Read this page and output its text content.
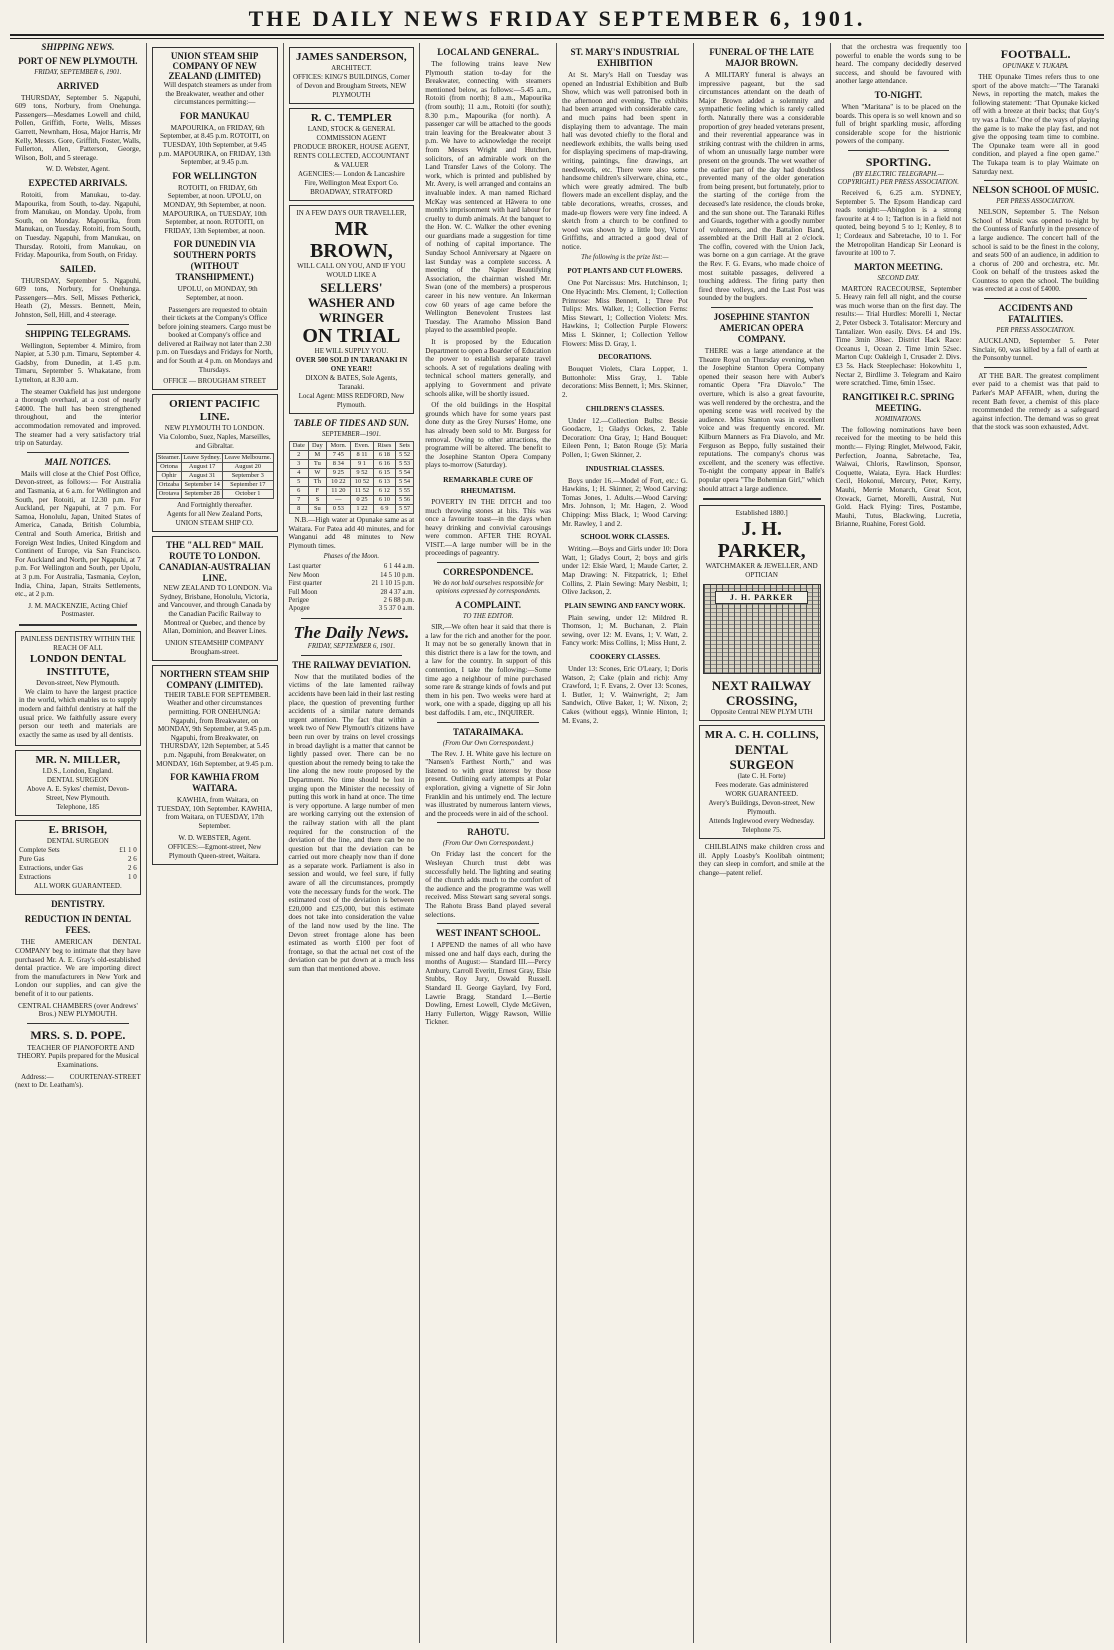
THE DAILY NEWS FRIDAY SEPTEMBER 6, 1901.
SHIPPING NEWS.
PORT OF NEW PLYMOUTH.
FRIDAY, SEPTEMBER 6, 1901.
ARRIVED

THURSDAY, September 5. Ngapuhi, 609 tons, Norbury, from Onehunga. Passengers—Mesdames Lowell and child, Pollen, Griffith, Forte, Wells, Misses Garrett, Newnham, Hosa, Major Harris, Mr Kelly, Messrs. Gore, Griffith, Foster, Walls, Fullerton, Allen, Patterson, George, Wilson, Bolt, and 5 steerage.

W. D. Webster, Agent.
EXPECTED ARRIVALS.

Rotoiti, from Manukau, to-day. Mapourika, from South, to-day. Ngapuhi, from Manukau, on Monday. Upolu, from South, on Monday. Mapourika, from Manukau, on Tuesday. Rotoiti, from South, on Tuesday. Ngapuhi, from Manukau, on Thursday. Rotoiti, from Manukau, on Friday. Mapourika, from South, on Friday.

SAILED.

THURSDAY, September 5. Ngapuhi, 609 tons, Norbury, for Onehunga. Passengers—Mrs. Sell, Misses Petherick, Heath (2), Messrs. Bennett, Mein, Johnston, Sell, Hill, and 4 steerage.

SHIPPING TELEGRAMS.

Wellington, September 4. Mimiro, from Napier, at 5.30 p.m. Timaru, September 4. Gadsby, from Dunedin, at 1.45 p.m. Timaru, September 5. Whakatane, from Lyttelton, at 8.30 a.m.

The steamer Oakfield has just undergone a thorough overhaul, at a cost of nearly £4000. The hull has been strengthened throughout, and the interior accommodation removated and improved. The steamer had a very satisfactory trial trip on Saturday.

MAIL NOTICES.

Mails will close at the Chief Post Office, Devon-street, as follows:— For Australia and Tasmania, at 6 a.m. for Wellington and South, per Rotoiti, at 12.30 p.m. For Auckland, per Ngapuhi, at 7 p.m. For Samoa, Honolulu, Japan, United States of America, Canada, British Columbia, Central and South America, British and Foreign West Indies, United Kingdom and Continent of Europe, via San Francisco. For Auckland and North, per Ngapuhi, at 7 p.m. For Wellington and South, per Upolu, at 3 p.m. For Australia, Tasmania, Ceylon, India, China, Japan, Straits Settlements, etc., at 2 p.m.

J. M. MACKENZIE, Acting Chief Postmaster.
PAINLESS DENTISTRY WITHIN THE REACH OF ALL
LONDON DENTAL INSTITUTE,
Devon-street, New Plymouth.

We claim to have the largest practice in the world, which enables us to supply modern and faithful dentistry at half the usual price. We faithfully assure every person our teeth and materials are exactly the same as used by all dentists.

MR. N. MILLER,
I.D.S., London, England.
DENTAL SURGEON
Above A. E. Sykes' chemist, Devon-Street, New Plymouth.
Telephone, 185
E. BRISOH,
DENTAL SURGEON
Complete Sets	£1 1 0
Pure Gas	2 6
Extractions, under Gas	2 6
Extractions	1 0
ALL WORK GUARANTEED.
DENTISTRY.
REDUCTION IN DENTAL FEES.

THE AMERICAN DENTAL COMPANY beg to intimate that they have purchased Mr. A. E. Gray's old-established dental practice. We are importing direct from the manufacturers in New York and London our supplies, and can give the benefit of it to our patients.

CENTRAL CHAMBERS (over Andrews' Bros.) NEW PLYMOUTH.
MRS. S. D. POPE.

TEACHER OF PIANOFORTE AND THEORY. Pupils prepared for the Musical Examinations.

Address:— COURTENAY-STREET (next to Dr. Leatham's).

UNION STEAM SHIP COMPANY OF NEW ZEALAND (LIMITED)

Will despatch steamers as under from the Breakwater, weather and other circumstances permitting:—

FOR MANUKAU

MAPOURIKA, on FRIDAY, 6th September, at 8.45 p.m. ROTOITI, on TUESDAY, 10th September, at 9.45 p.m. MAPOURIKA, on FRIDAY, 13th September, at 9.45 p.m.

FOR WELLINGTON

ROTOITI, on FRIDAY, 6th September, at noon. UPOLU, on MONDAY, 9th September, at noon. MAPOURIKA, on TUESDAY, 10th September, at noon. ROTOITI, on FRIDAY, 13th September, at noon.

FOR DUNEDIN VIA SOUTHERN PORTS (WITHOUT TRANSHIPMENT.)

UPOLU, on MONDAY, 9th September, at noon.

Passengers are requested to obtain their tickets at the Company's Office before joining steamers. Cargo must be booked at Company's office and delivered at Railway not later than 2.30 p.m. on Tuesdays and Fridays for North, and for South at 4 p.m. on Mondays and Thursdays.

OFFICE — BROUGHAM STREET
ORIENT PACIFIC LINE.
NEW PLYMOUTH TO LONDON.
Via Colombo, Suez, Naples, Marseilles, and Gibraltar.
Steamer.	Leave Sydney.	Leave Melbourne.
Ortona	August 17	August 20
Ophir	August 31	September 3
Orizaba	September 14	September 17
Orotava	September 28	October 1
And Fortnightly thereafter.
Agents for all New Zealand Ports, UNION STEAM SHIP CO.
THE "ALL RED" MAIL ROUTE TO LONDON.
CANADIAN-AUSTRALIAN LINE.

NEW ZEALAND TO LONDON. Via Sydney, Brisbane, Honolulu, Victoria, and Vancouver, and through Canada by the Canadian Pacific Railway to Montreal or Quebec, and thence by Allan, Dominion, and Beaver Lines.

UNION STEAMSHIP COMPANY
Brougham-street.
NORTHERN STEAM SHIP COMPANY (LIMITED).

THEIR TABLE FOR SEPTEMBER. Weather and other circumstances permitting. FOR ONEHUNGA: Ngapuhi, from Breakwater, on MONDAY, 9th September, at 9.45 p.m. Ngapuhi, from Breakwater, on THURSDAY, 12th September, at 5.45 p.m. Ngapuhi, from Breakwater, on MONDAY, 16th September, at 9.45 p.m.

FOR KAWHIA FROM WAITARA.

KAWHIA, from Waitara, on TUESDAY, 10th September. KAWHIA, from Waitara, on TUESDAY, 17th September.

W. D. WEBSTER, Agent.
OFFICES:—Egmont-street, New Plymouth Queen-street, Waitara.
JAMES SANDERSON,
ARCHITECT.
OFFICES: KING'S BUILDINGS, Corner of Devon and Brougham Streets, NEW PLYMOUTH
R. C. TEMPLER
LAND, STOCK & GENERAL COMMISSION AGENT
PRODUCE BROKER, HOUSE AGENT, RENTS COLLECTED, ACCOUNTANT & VALUER
AGENCIES:— London & Lancashire Fire, Wellington Meat Export Co.
BROADWAY, STRATFORD
IN A FEW DAYS OUR TRAVELLER,
MR BROWN,
WILL CALL ON YOU, AND IF YOU WOULD LIKE A
SELLERS' WASHER AND WRINGER
ON TRIAL
HE WILL SUPPLY YOU.
OVER 500 SOLD IN TARANAKI IN ONE YEAR!!
DIXON & BATES, Sole Agents, Taranaki.
Local Agent: MISS REDFORD, New Plymouth.
TABLE OF TIDES AND SUN.
SEPTEMBER—1901.
Date	Day	Morn.	Even.	Rises	Sets
2	M	7 45	8 11	6 18	5 52
3	Tu	8 34	9 1	6 16	5 53
4	W	9 25	9 52	6 15	5 54
5	Th	10 22	10 52	6 13	5 54
6	F	11 20	11 52	6 12	5 55
7	S	—	0 25	6 10	5 56
8	Su	0 53	1 22	6 9	5 57

N.B.—High water at Opunake same as at Waitara. For Patea add 40 minutes, and for Wanganui add 48 minutes to New Plymouth times.

Phases of the Moon.
Last quarter	6 1 44 a.m.
New Moon	14 5 10 p.m.
First quarter	21 1 10 15 p.m.
Full Moon	28 4 37 a.m.
Perigee	2 6 88 p.m.
Apogee	3 5 37 0 a.m.
The Daily News.
FRIDAY, SEPTEMBER 6, 1901.
THE RAILWAY DEVIATION.

Now that the mutilated bodies of the victims of the late lamented railway accidents have been laid in their last resting place, the question of preventing further accidents of a similar nature demands urgent attention. The fact that within a week two of New Plymouth's citizens have been run over by trains on level crossings in broad daylight is a matter that cannot be lightly passed over. There can be no question about the remedy being to take the line along the new route proposed by the Department. No time should be lost in urging upon the Minister the necessity of putting this work in hand at once. The time is very opportune. A large number of men are working carrying out the extension of the railway station with all the plant required for the construction of the deviation of the line, and there can be no question but that the deviation can be carried out more cheaply now than if done as a separate work. Parliament is also in session and would, we feel sure, if fully aware of all the circumstances, promptly vote the necessary funds for the work. The estimated cost of the deviation is between £20,000 and £25,000, but this estimate does not take into consideration the value of the land now used by the line. The Devon street frontage alone has been estimated as worth £100 per foot of frontage, so that the actual net cost of the deviation can be put down at a much less sum than that mentioned above.

LOCAL AND GENERAL.

The following trains leave New Plymouth station to-day for the Breakwater, connecting with steamers mentioned below, as follows:—5.45 a.m., Rotoiti (from north); 8 a.m., Mapourika (from south); 11 a.m., Rotoiti (for south); 8.30 p.m., Mapourika (for north). A passenger car will be attached to the goods train leaving for the Breakwater about 3 p.m. We have to acknowledge the receipt from Messrs Wright and Hutchen, solicitors, of an admirable work on the Land Transfer Laws of the Colony. The work, which is printed and published by Mr. Avery, is well arranged and contains an invaluable index. A man named Richard McKay was sentenced at Hāwera to one month's imprisonment with hard labour for cruelty to dumb animals. At the banquet to the Hon. W. C. Walker the other evening our guardians made a suggestion for time of nothing of capital importance. The Sunday School Anniversary at Ngaere on last Sunday was a complete success. A meeting of the Napier Beautifying Association, the chairman wished Mr. Swan (one of the members) a prosperous career in his new venture. An Inkerman cow 60 years of age came before the Wellington Benevolent Trustees last Tuesday. The Aramoho Mission Band played to the assembled people.

It is proposed by the Education Department to open a Boarder of Education the power to establish separate travel schools. A set of regulations dealing with technical school matters generally, and applying to Government and private schools alike, will be shortly issued.

Of the old buildings in the Hospital grounds which have for some years past done duty as the Grey Nurses' Home, one has already been sold to Mr. Burgess for removal. Owing to other attractions, the programme will be altered. The benefit to the Josephine Stanton Opera Company plays to-morrow (Saturday).

REMARKABLE CURE OF RHEUMATISM.

POVERTY IN THE DITCH and too much throwing stones at hits. This was once a favourite toast—in the days when heavy drinking and convivial carousings were common. AFTER THE ROYAL VISIT.—A large number will be in the proceedings of pageantry.

CORRESPONDENCE.
We do not hold ourselves responsible for opinions expressed by correspondents.
A COMPLAINT.
TO THE EDITOR.

SIR,—We often hear it said that there is a law for the rich and another for the poor. It may not be so generally known that in this district there is a law for the town, and a law for the country. In support of this contention, I take the following:—Some time ago a neighbour of mine purchased some rare & strange kinds of fowls and put them in his pen. Two weeks were hard at work, one with a spade, digging up all his best daffodils. I am, etc., INQUIRER.

TATARAIMAKA.
(From Our Own Correspondent.)

The Rev. J. H. White gave his lecture on "Nansen's Farthest North," and was listened to with great interest by those present. Outlining early attempts at Polar exploration, giving a vignette of Sir John Franklin and his untimely end. The lecture was illustrated by numerous lantern views, and the proceeds were in aid of the school.

RAHOTU.
(From Our Own Correspondent.)

On Friday last the concert for the Wesleyan Church trust debt was successfully held. The lighting and seating of the church adds much to the comfort of the audience and the programme was well received. Miss Stewart sang several songs. The Rahotu Brass Band played several selections.

WEST INFANT SCHOOL.

I APPEND the names of all who have missed one and half days each, during the months of August:— Standard III.—Percy Ambury, Carroll Everitt, Ernest Gray, Elsie Stubbs, Roy Jury, Oswald Russell. Standard II. George Gaylard, Ivy Ford, Lawrie Bragg. Standard I.—Bertie Dowling, Ernest Lowell, Clyde McGiven, Harry Fullerton, Wiggy Rawson, Willie Tickner.

ST. MARY'S INDUSTRIAL EXHIBITION

At St. Mary's Hall on Tuesday was opened an Industrial Exhibition and Bulb Show, which was well patronised both in the afternoon and evening. The exhibits had been arranged with considerable care, and much pains had been spent in displaying them to advantage. The main hall was devoted chiefly to the floral and needlework exhibits, the walls being used for displaying specimens of map-drawing, writing, paintings, fine drawings, art needlework, etc. There were also some handsome children's silverware, china, etc., which were greatly admired. The bulb flowers made an excellent display, and the table decorations, wreaths, crosses, and made-up flowers were very fine indeed. A sketch from a church to be confined to wood was shown by a little boy, Victor Griffiths, and attracted a good deal of notice.

The following is the prize list:—
POT PLANTS AND CUT FLOWERS.

One Pot Narcissus: Mrs. Hutchinson, 1; One Hyacinth: Mrs. Clement, 1; Collection Primrose: Miss Bennett, 1; Three Pot Tulips: Mrs. Walker, 1; Collection Ferns: Miss Stewart, 1; Collection Violets: Mrs. Hawkins, 1; Collection Purple Flowers: Miss I. Skinner, 1; Collection Yellow Flowers: Miss D. Gray, 1.

DECORATIONS.

Bouquet Violets, Clara Lopper, 1. Buttonhole: Miss Gray, 1. Table decorations: Miss Bennett, 1; Mrs. Skinner, 2.

CHILDREN'S CLASSES.

Under 12.—Collection Bulbs: Bessie Goodacre, 1; Gladys Ockes, 2. Table Decoration: Ona Gray, 1; Hand Bouquet: Eileen Penn, 1; Baton Rouge (5): Maria Pollen, 1; Gwen Skinner, 2.

INDUSTRIAL CLASSES.

Boys under 16.—Model of Fort, etc.: G. Hawkins, 1; H. Skinner, 2; Wood Carving: Tomas Jones, 1. Adults.—Wood Carving: Mrs. Johnson, 1; Mr. Hagen, 2. Wood Chipping: Miss Black, 1; Wood Carving: Mr. Rawley, 1 and 2.

SCHOOL WORK CLASSES.

Writing.—Boys and Girls under 10: Dora Watt, 1; Gladys Court, 2; boys and girls under 12: Elsie Ward, 1; Maude Carter, 2. Map Drawing: N. Fitzpatrick, 1; Ethel Collins, 2. Plain Sewing: Mary Nesbitt, 1; Olive Jackson, 2.

PLAIN SEWING AND FANCY WORK.

Plain sewing, under 12: Mildred R. Thomson, 1; M. Buchanan, 2. Plain sewing, over 12: M. Evans, 1; V. Watt, 2. Fancy work: Miss Collins, 1; Miss Hunt, 2.

COOKERY CLASSES.

Under 13: Scones, Eric O'Leary, 1; Doris Watson, 2; Cake (plain and rich): Amy Crawford, 1; F. Evans, 2. Over 13: Scones, I. Butler, 1; V. Wainwright, 2; Jam Sandwich, Olive Baker, 1; W. Nixon, 2; Cakes (without eggs), Winnie Hinton, 1; M. Evans, 2.

FUNERAL OF THE LATE MAJOR BROWN.

A MILITARY funeral is always an impressive pageant, but the sad circumstances attendant on the death of Major Brown added a solemnity and sympathetic feeling which is rarely called forth. Naturally there was a considerable proportion of grey headed veterans present, and their reverential appearance was in striking contrast with the children in arms, of whom an unusually large number were present on the grounds. The wet weather of the earlier part of the day had doubtless prevented many of the older generation from being present, but fortunately, prior to the starting of the cortège from the deceased's late residence, the clouds broke, and the sun shone out. The Taranaki Rifles and Guards, together with a goodly number of volunteers, and the Battalion Band, assembled at the Drill Hall at 2 o'clock. The coffin, covered with the Union Jack, was borne on a gun carriage. At the grave the Rev. F. G. Evans, who made choice of most suitable passages, delivered a touching address. The firing party then fired three volleys, and the Last Post was sounded by the buglers.

JOSEPHINE STANTON AMERICAN OPERA COMPANY.

THERE was a large attendance at the Theatre Royal on Thursday evening, when the Josephine Stanton Opera Company opened their season here with Auber's romantic Opera "Fra Diavolo." The overture, which is also a great favourite, was well rendered by the orchestra, and the opening scene was well received by the audience. Miss Stanton was in excellent voice and was frequently encored. Mr. Kilburn Manners as Fra Diavolo, and Mr. Ferguson as Beppo, fully sustained their reputations. The company's chorus was excellent, and the scenery was effective. To-night the company appear in Balfe's popular opera "The Bohemian Girl," which should attract a large audience.

Established 1880.]
J. H. PARKER,
WATCHMAKER & JEWELLER, AND OPTICIAN
J. H. PARKER
NEXT RAILWAY CROSSING,
Opposite Central NEW PLYM UTH
MR A. C. H. COLLINS,
DENTAL SURGEON
(late C. H. Forte)
Fees moderate. Gas administered
WORK GUARANTEED.
Avery's Buildings, Devon-street, New Plymouth.
Attends Inglewood every Wednesday. Telephone 75.

CHILBLAINS make children cross and ill. Apply Loasby's Koolibah ointment; they can sleep in comfort, and smile at the change—patent relief.

that the orchestra was frequently too powerful to enable the words sung to be heard. The company decidedly deserved success, and should be favoured with another large attendance.

TO-NIGHT.

When "Maritana" is to be placed on the boards. This opera is so well known and so full of bright sparkling music, affording considerable scope for the histrionic powers of the company.

SPORTING.
(BY ELECTRIC TELEGRAPH.—COPYRIGHT.) PER PRESS ASSOCIATION.

Received 6, 6.25 a.m. SYDNEY, September 5. The Epsom Handicap card reads tonight:—Abingdon is a strong favourite at 4 to 1; Tarlton is in a field not quoted, being beyond 5 to 1; Kenley, 8 to 1; Cordeaux and Sabretache, 10 to 1. For the Metropolitan Handicap Sir Leonard is favourite at 100 to 7.

MARTON MEETING.
SECOND DAY.

MARTON RACECOURSE, September 5. Heavy rain fell all night, and the course was much worse than on the first day. The results:— Trial Hurdles: Morelli 1, Nectar 2, Peter Osbeck 3. Totalisator: Mercury and Tantalizer. Won easily. Divs. £4 and 19s. Time 3min 30sec. District Hack Race: Oceanus 1, Ocean 2. Time 1min 52sec. Marton Cup: Oakleigh 1, Crusader 2. Divs. £3 5s. Hack Steeplechase: Hokowhitu 1, Nectar 2, Birdlime 3. Telegram and Kairo were scratched. Time, 6min 15sec.

RANGITIKEI R.C. SPRING MEETING.
NOMINATIONS.

The following nominations have been received for the meeting to be held this month:— Flying: Ringlet, Melwood, Fakir, Perfection, Joanna, Sabretache, Tea, Waiwai, Chloris, Rawlinson, Sponsor, Coquette, Waiata, Eyra. Hack Hurdles: Cecil, Hokonui, Mercury, Peter, Kerry, Mauhi, Merrie Monarch, Great Scot, Oxwack, Garnet, Morelli, Austral, Nut Gold. Hack Flying: Tires, Postambe, Mauhi, Tutus, Blackwing, Lucretia, Brianne, Ruahine, Forest Gold.

FOOTBALL.
OPUNAKE V. TUKAPA.

THE Opunake Times refers thus to one sport of the above match:—"The Taranaki News, in reporting the match, makes the following statement: ‘That Opunake kicked off with a breeze at their backs; that Guy's try was a fluke.’ One of the ways of playing the game is to make the play fast, and not give the opposing team time to combine. The Opunake team were all in good condition, and played a fine open game." The Tukapa team is to play Waimate on Saturday next.

NELSON SCHOOL OF MUSIC.
PER PRESS ASSOCIATION.

NELSON, September 5. The Nelson School of Music was opened to-night by the Countess of Ranfurly in the presence of a large audience. The concert hall of the school is said to be the finest in the colony, and seats 500 of an audience, in addition to a chorus of 200 and orchestra, etc. Mr. Cook on behalf of the trustees asked the Countess to open the school. The building was erected at a cost of £4000.

ACCIDENTS AND FATALITIES.
PER PRESS ASSOCIATION.

AUCKLAND, September 5. Peter Sinclair, 60, was killed by a fall of earth at the Ponsonby tunnel.

AT THE BAR. The greatest compliment ever paid to a chemist was that paid to Parker's MAP AFFAIR, when, during the recent Bath fever, a chemist of this place recommended the remedy as a safeguard against infection. The demand was so great that the stock was soon exhausted, Advt.
